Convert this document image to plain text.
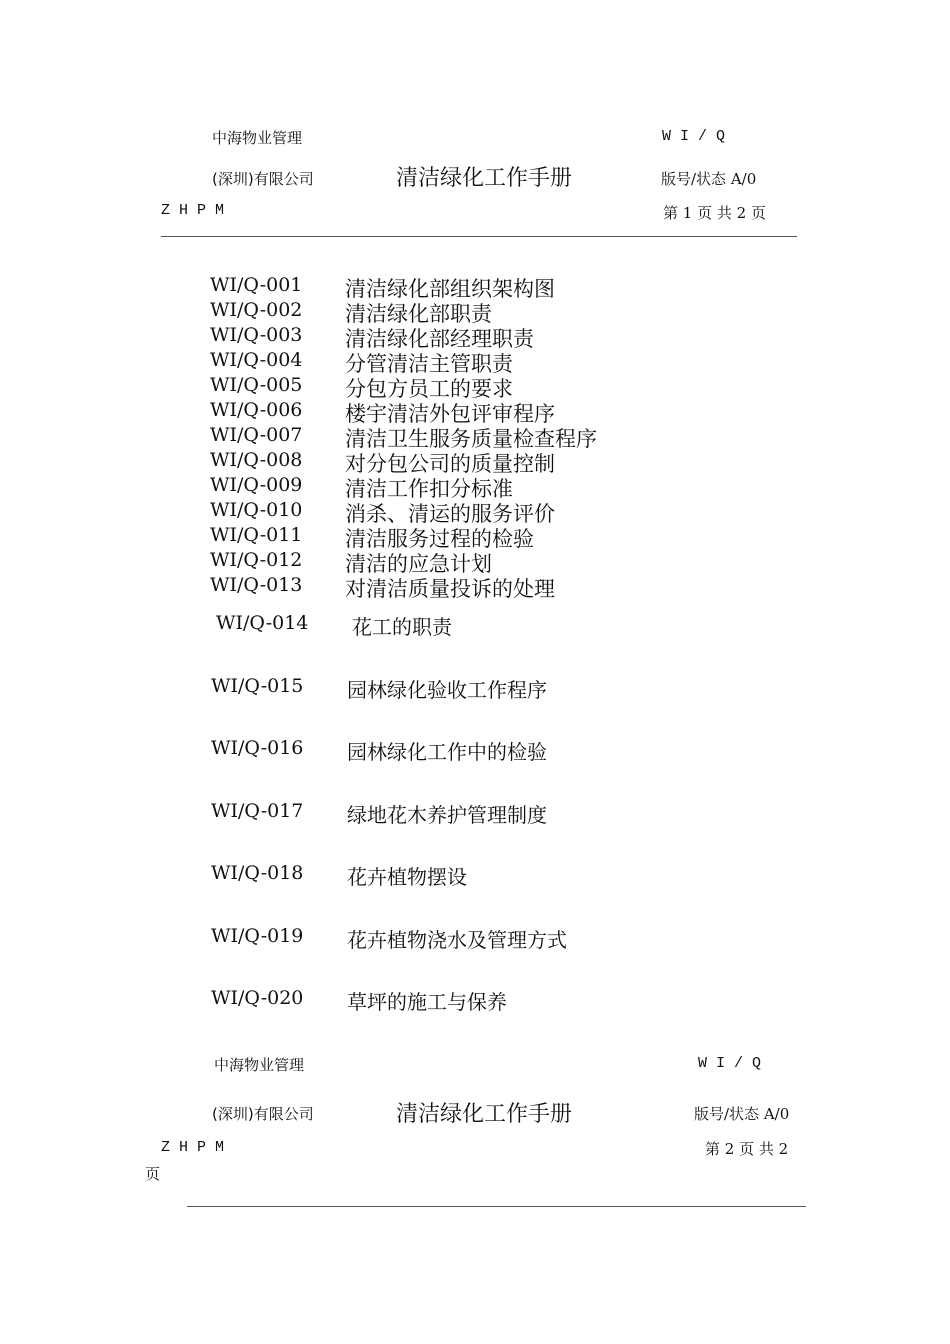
中海物业管理
(深圳)有限公司
Z H P M
清洁绿化工作手册
W I / Q
版号/状态 A/0
第 1 页 共 2 页
WI/Q-001 清洁绿化部组织架构图
WI/Q-002 清洁绿化部职责
WI/Q-003 清洁绿化部经理职责
WI/Q-004 分管清洁主管职责
WI/Q-005 分包方员工的要求
WI/Q-006 楼宇清洁外包评审程序
WI/Q-007 清洁卫生服务质量检查程序
WI/Q-008 对分包公司的质量控制
WI/Q-009 清洁工作扣分标准
WI/Q-010 消杀、清运的服务评价
WI/Q-011 清洁服务过程的检验
WI/Q-012 清洁的应急计划
WI/Q-013 对清洁质量投诉的处理
WI/Q-014 花工的职责
WI/Q-015 园林绿化验收工作程序
WI/Q-016 园林绿化工作中的检验
WI/Q-017 绿地花木养护管理制度
WI/Q-018 花卉植物摆设
WI/Q-019 花卉植物浇水及管理方式
WI/Q-020 草坪的施工与保养
中海物业管理
(深圳)有限公司
Z H P M
清洁绿化工作手册
W I / Q
版号/状态 A/0
第 2 页 共 2
页
